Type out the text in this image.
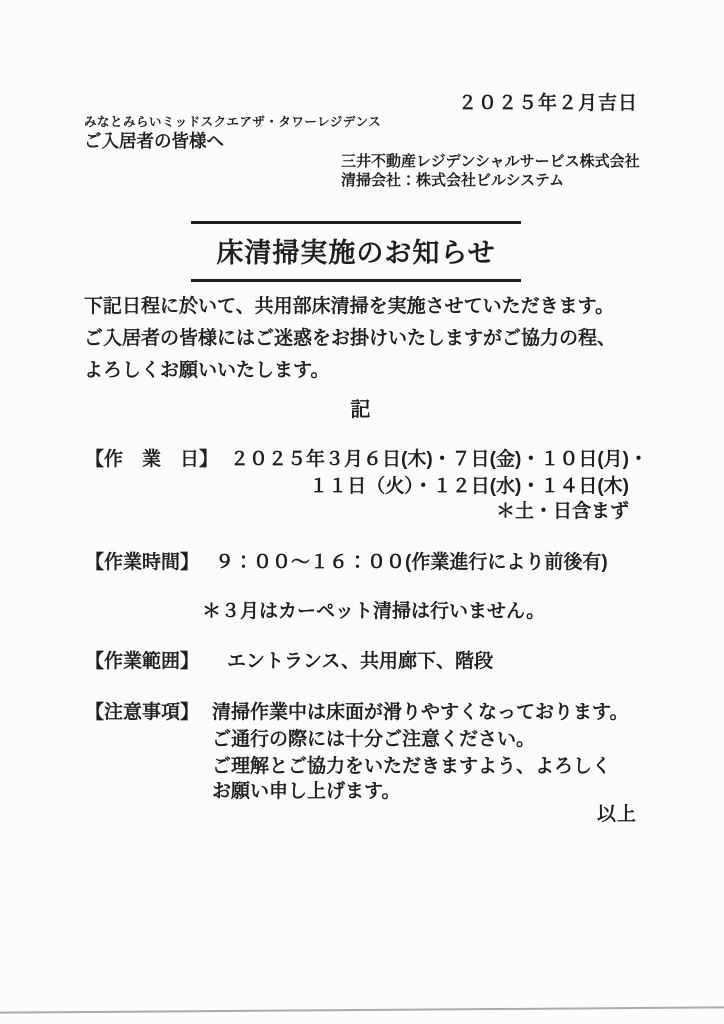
２０２５年２月吉日
みなとみらいミッドスクエアザ・タワーレジデンス
ご入居者の皆様へ
三井不動産レジデンシャルサービス株式会社
清掃会社：株式会社ビルシステム
床清掃実施のお知らせ
下記日程に於いて、共用部床清掃を実施させていただきます。
ご入居者の皆様にはご迷惑をお掛けいたしますがご協力の程、
よろしくお願いいたします。
記
【作　業　日】 ２０２５年３月６日(木)・７日(金)・１０日(月)・
１１日（火）・１２日(水)・１４日(木)
＊土・日含まず
【作業時間】 ９：００～１６：００(作業進行により前後有)
＊３月はカーペット清掃は行いません。
【作業範囲】 エントランス、共用廊下、階段
【注意事項】 清掃作業中は床面が滑りやすくなっております。
ご通行の際には十分ご注意ください。
ご理解とご協力をいただきますよう、よろしく
お願い申し上げます。
以上
